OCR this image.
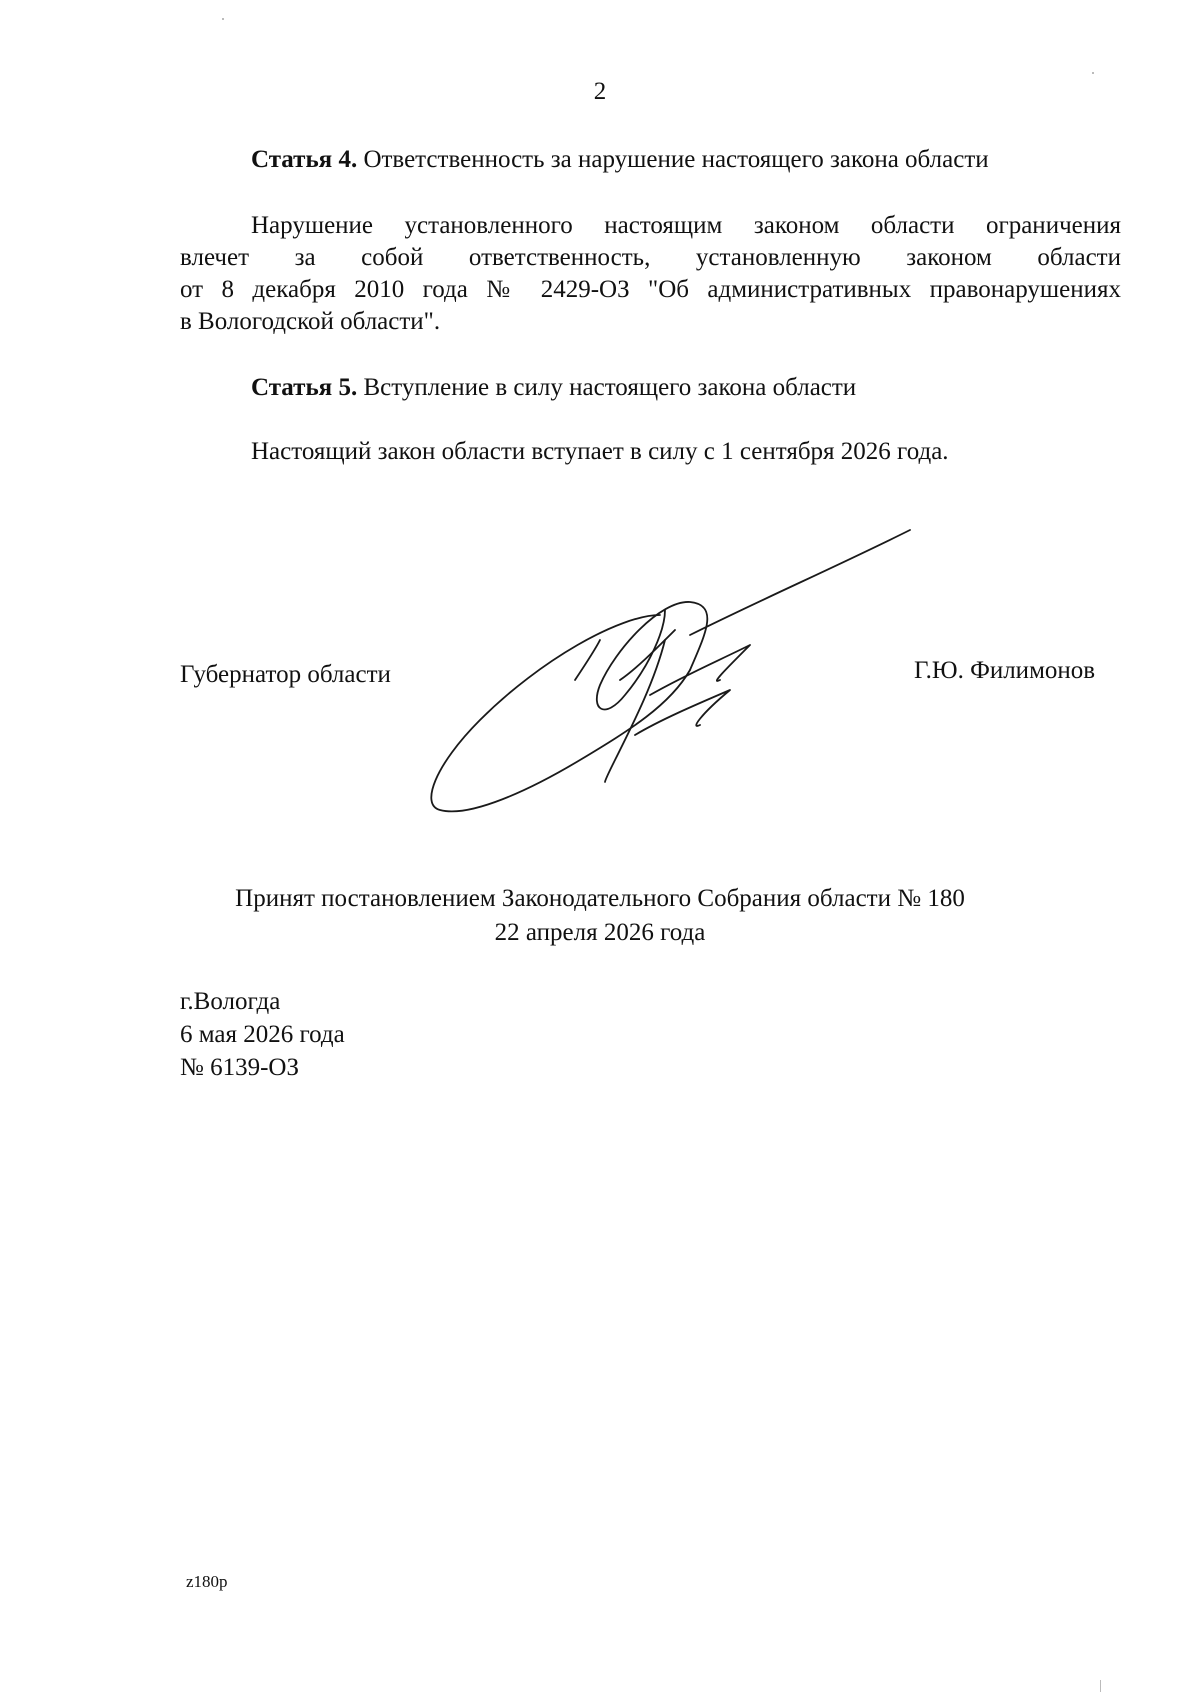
2
Статья 4. Ответственность за нарушение настоящего закона области
Нарушение установленного настоящим законом области ограничения
влечет за собой ответственность, установленную законом области
от 8 декабря 2010 года № 2429-ОЗ "Об административных правонарушениях
в Вологодской области".
Статья 5. Вступление в силу настоящего закона области
Настоящий закон области вступает в силу с 1 сентября 2026 года.
Губернатор области	Г.Ю. Филимонов
Принят постановлением Законодательного Собрания области № 180
22 апреля 2026 года
г.Вологда
6 мая 2026 года
№ 6139-ОЗ
z180p
